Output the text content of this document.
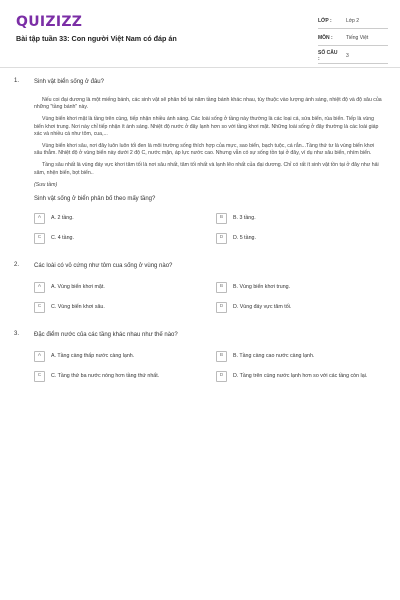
QUIZIZZ
Bài tập tuần 33: Con người Việt Nam có đáp án
LỚP :	Lớp 2
MÔN :	Tiếng Việt
SỐ CÂU :	3
1. Sinh vật biển sống ở đâu?

Nếu coi đại dương là một miếng bánh, các sinh vật sẽ phân bố tại năm tầng bánh khác nhau, tùy thuộc vào lượng ánh sáng, nhiệt độ và độ sâu của những "tầng bánh" này.

Vùng biển khơi mặt là tầng trên cùng, tiếp nhận nhiều ánh sáng. Các loài sống ở tầng này thường là các loại cá, sứa biển, rùa biển. Tiếp là vùng biển khơi trung. Nơi này chỉ tiếp nhận ít ánh sáng. Nhiệt độ nước ở đây lạnh hơn so với tầng khơi mặt. Những loài sống ở đây thường là các loài giáp xác và nhiều cá như tôm, cua,...

Vùng biển khơi sâu, nơi đây luôn luôn tối đen là môi trường sống thích hợp của mực, sao biển, bạch tuộc, cá rắn...Tầng thứ tư là vùng biển khơi sâu thẳm. Nhiệt độ ở vùng biển này dưới 2 độ C, nước mặn, áp lực nước cao. Nhưng vẫn có sự sống tồn tại ở đây, ví dụ như sâu biển, nhím biển.

Tầng sâu nhất là vùng đáy vực khơi tăm tối là nơi sâu nhất, tăm tối nhất và lạnh lẽo nhất của đại dương. Chỉ có rất ít sinh vật tồn tại ở đây như hải sâm, nhện biển, bọt biển..

(Sưu tầm)
Sinh vật sống ở biển phân bố theo mấy tầng?
A	A. 2 tầng.	B	B. 3 tầng.
C	C. 4 tầng.	D	D. 5 tầng.
2. Các loài có vỏ cứng như tôm cua sống ở vùng nào?
A	A. Vùng biển khơi mặt.	B	B. Vùng biển khơi trung.
C	C. Vùng biển khơi sâu.	D	D. Vùng đáy vực tăm tối.
3. Đặc điểm nước của các tầng khác nhau như thế nào?
A	A. Tầng càng thấp nước càng lạnh.	B	B. Tầng càng cao nước càng lạnh.
C	C. Tầng thứ ba nước nóng hơn tầng thứ nhất.	D	D. Tầng trên cùng nước lạnh hơn so với các tầng còn lại.
